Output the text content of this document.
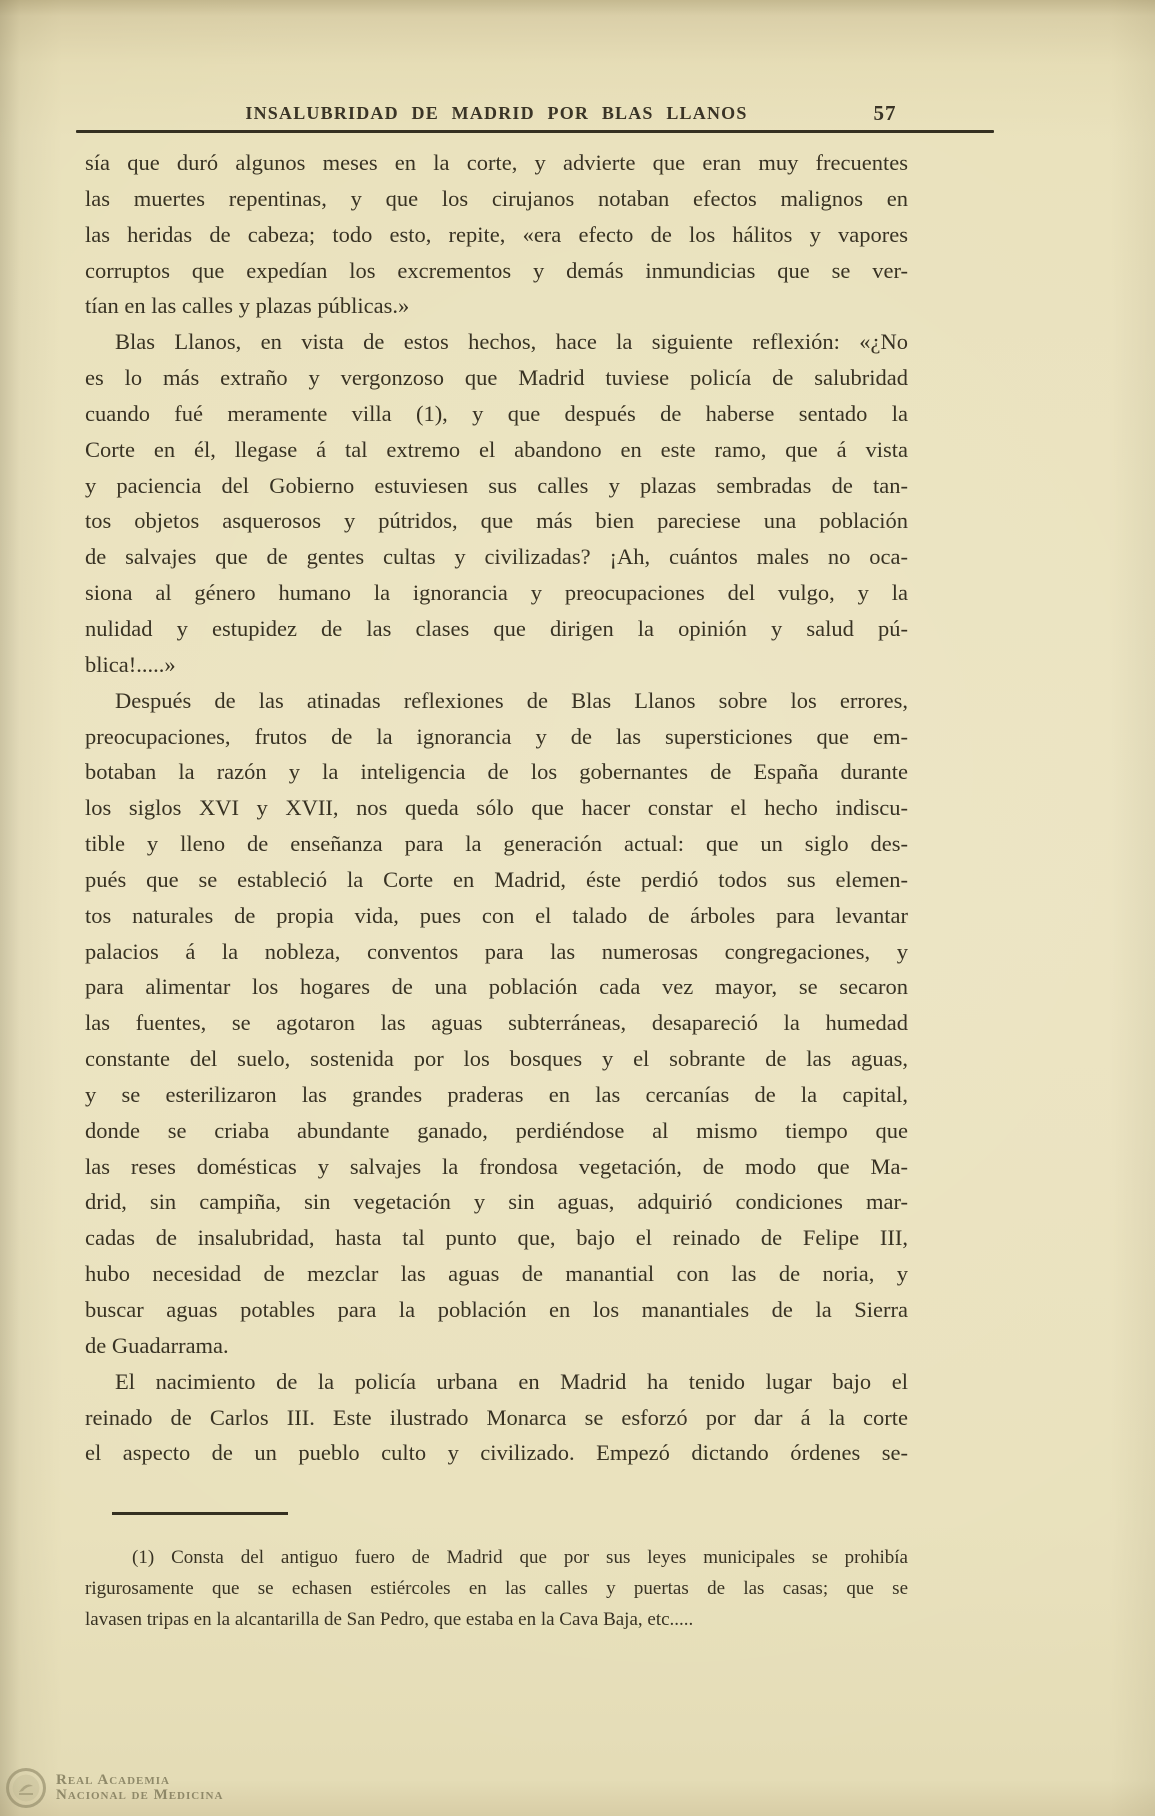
INSALUBRIDAD DE MADRID POR BLAS LLANOS	57
sía que duró algunos meses en la corte, y advierte que eran muy frecuentes
las muertes repentinas, y que los cirujanos notaban efectos malignos en
las heridas de cabeza; todo esto, repite, «era efecto de los hálitos y vapores
corruptos que expedían los excrementos y demás inmundicias que se ver-
tían en las calles y plazas públicas.»
Blas Llanos, en vista de estos hechos, hace la siguiente reflexión: «¿No
es lo más extraño y vergonzoso que Madrid tuviese policía de salubridad
cuando fué meramente villa (1), y que después de haberse sentado la
Corte en él, llegase á tal extremo el abandono en este ramo, que á vista
y paciencia del Gobierno estuviesen sus calles y plazas sembradas de tan-
tos objetos asquerosos y pútridos, que más bien pareciese una población
de salvajes que de gentes cultas y civilizadas? ¡Ah, cuántos males no oca-
siona al género humano la ignorancia y preocupaciones del vulgo, y la
nulidad y estupidez de las clases que dirigen la opinión y salud pú-
blica!.....»
Después de las atinadas reflexiones de Blas Llanos sobre los errores,
preocupaciones, frutos de la ignorancia y de las supersticiones que em-
botaban la razón y la inteligencia de los gobernantes de España durante
los siglos XVI y XVII, nos queda sólo que hacer constar el hecho indiscu-
tible y lleno de enseñanza para la generación actual: que un siglo des-
pués que se estableció la Corte en Madrid, éste perdió todos sus elemen-
tos naturales de propia vida, pues con el talado de árboles para levantar
palacios á la nobleza, conventos para las numerosas congregaciones, y
para alimentar los hogares de una población cada vez mayor, se secaron
las fuentes, se agotaron las aguas subterráneas, desapareció la humedad
constante del suelo, sostenida por los bosques y el sobrante de las aguas,
y se esterilizaron las grandes praderas en las cercanías de la capital,
donde se criaba abundante ganado, perdiéndose al mismo tiempo que
las reses domésticas y salvajes la frondosa vegetación, de modo que Ma-
drid, sin campiña, sin vegetación y sin aguas, adquirió condiciones mar-
cadas de insalubridad, hasta tal punto que, bajo el reinado de Felipe III,
hubo necesidad de mezclar las aguas de manantial con las de noria, y
buscar aguas potables para la población en los manantiales de la Sierra
de Guadarrama.
El nacimiento de la policía urbana en Madrid ha tenido lugar bajo el
reinado de Carlos III. Este ilustrado Monarca se esforzó por dar á la corte
el aspecto de un pueblo culto y civilizado. Empezó dictando órdenes se-
(1) Consta del antiguo fuero de Madrid que por sus leyes municipales se prohibía
rigurosamente que se echasen estiércoles en las calles y puertas de las casas; que se
lavasen tripas en la alcantarilla de San Pedro, que estaba en la Cava Baja, etc.....
Real Academia
Nacional de Medicina
